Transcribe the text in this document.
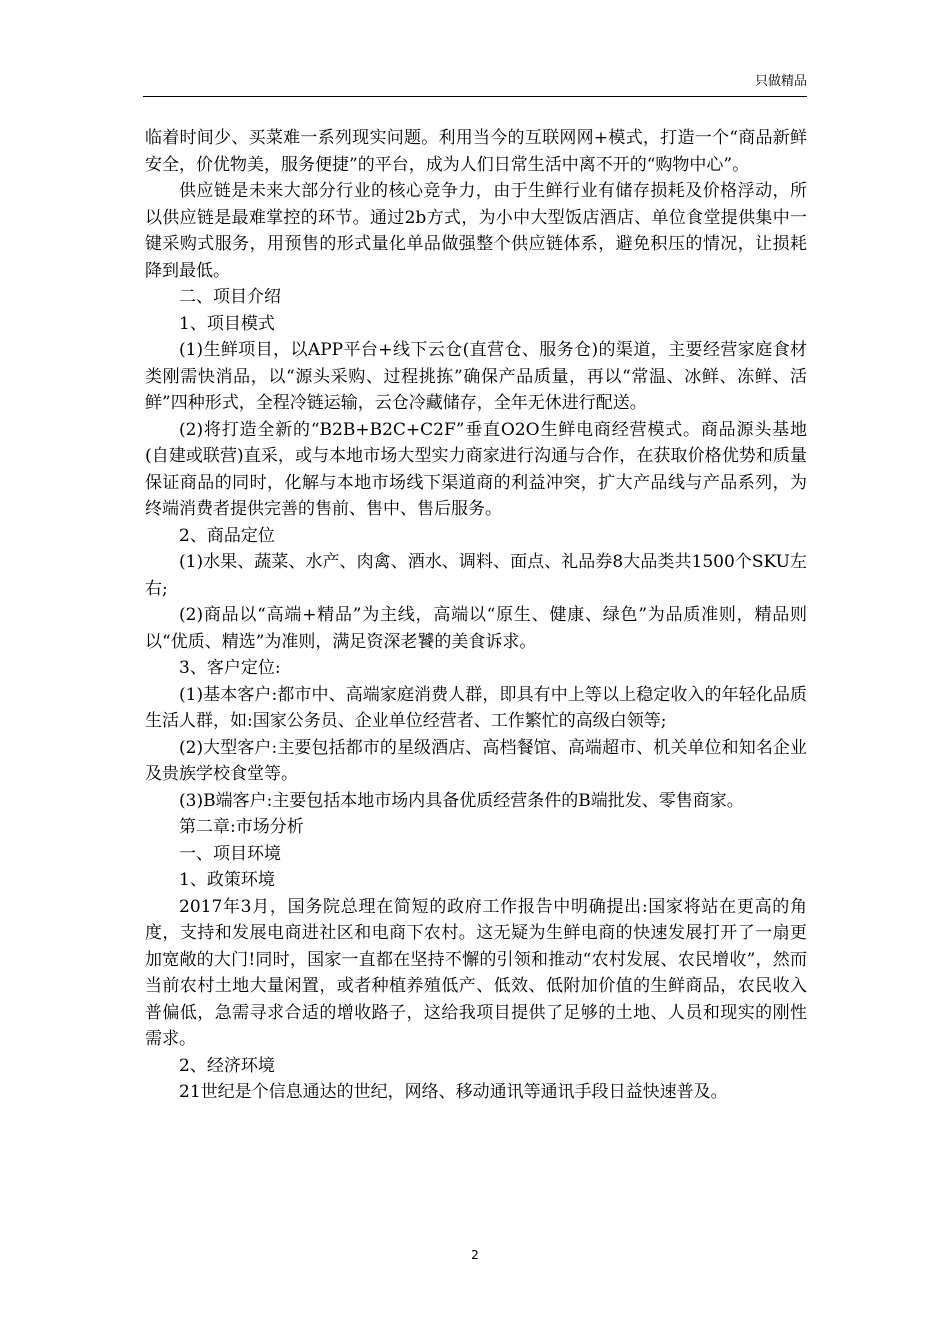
只做精品

临着时间少、买菜难一系列现实问题。利用当今的互联网网+模式，打造一个“商品新鲜安全，价优物美，服务便捷”的平台，成为人们日常生活中离不开的“购物中心”。

供应链是未来大部分行业的核心竞争力，由于生鲜行业有储存损耗及价格浮动，所以供应链是最难掌控的环节。通过2b方式，为小中大型饭店酒店、单位食堂提供集中一键采购式服务，用预售的形式量化单品做强整个供应链体系，避免积压的情况，让损耗降到最低。

二、项目介绍

1、项目模式

(1)生鲜项目，以APP平台+线下云仓(直营仓、服务仓)的渠道，主要经营家庭食材类刚需快消品，以“源头采购、过程挑拣”确保产品质量，再以“常温、冰鲜、冻鲜、活鲜”四种形式，全程冷链运输，云仓冷藏储存，全年无休进行配送。

(2)将打造全新的“B2B+B2C+C2F”垂直O2O生鲜电商经营模式。商品源头基地(自建或联营)直采，或与本地市场大型实力商家进行沟通与合作，在获取价格优势和质量保证商品的同时，化解与本地市场线下渠道商的利益冲突，扩大产品线与产品系列，为终端消费者提供完善的售前、售中、售后服务。

2、商品定位

(1)水果、蔬菜、水产、肉禽、酒水、调料、面点、礼品券8大品类共1500个SKU左右;

(2)商品以“高端+精品”为主线，高端以“原生、健康、绿色”为品质准则，精品则以“优质、精选”为准则，满足资深老饕的美食诉求。

3、客户定位:

(1)基本客户:都市中、高端家庭消费人群，即具有中上等以上稳定收入的年轻化品质生活人群，如:国家公务员、企业单位经营者、工作繁忙的高级白领等;

(2)大型客户:主要包括都市的星级酒店、高档餐馆、高端超市、机关单位和知名企业及贵族学校食堂等。

(3)B端客户:主要包括本地市场内具备优质经营条件的B端批发、零售商家。

第二章:市场分析

一、项目环境

1、政策环境

2017年3月，国务院总理在简短的政府工作报告中明确提出:国家将站在更高的角度，支持和发展电商进社区和电商下农村。这无疑为生鲜电商的快速发展打开了一扇更加宽敞的大门!同时，国家一直都在坚持不懈的引领和推动“农村发展、农民增收”，然而当前农村土地大量闲置，或者种植养殖低产、低效、低附加价值的生鲜商品，农民收入普偏低，急需寻求合适的增收路子，这给我项目提供了足够的土地、人员和现实的刚性需求。

2、经济环境

21世纪是个信息通达的世纪，网络、移动通讯等通讯手段日益快速普及。

2
